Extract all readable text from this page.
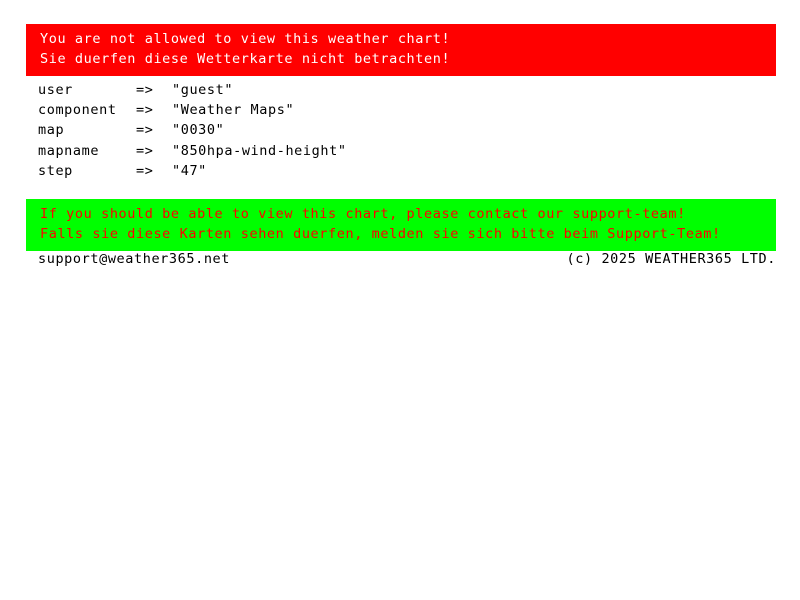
You are not allowed to view this weather chart!
Sie duerfen diese Wetterkarte nicht betrachten!
user	=>	"guest"
component	=>	"Weather Maps"
map	=>	"0030"
mapname	=>	"850hpa-wind-height"
step	=>	"47"
If you should be able to view this chart, please contact our support-team!
Falls sie diese Karten sehen duerfen, melden sie sich bitte beim Support-Team!
support@weather365.net	(c) 2025 WEATHER365 LTD.
